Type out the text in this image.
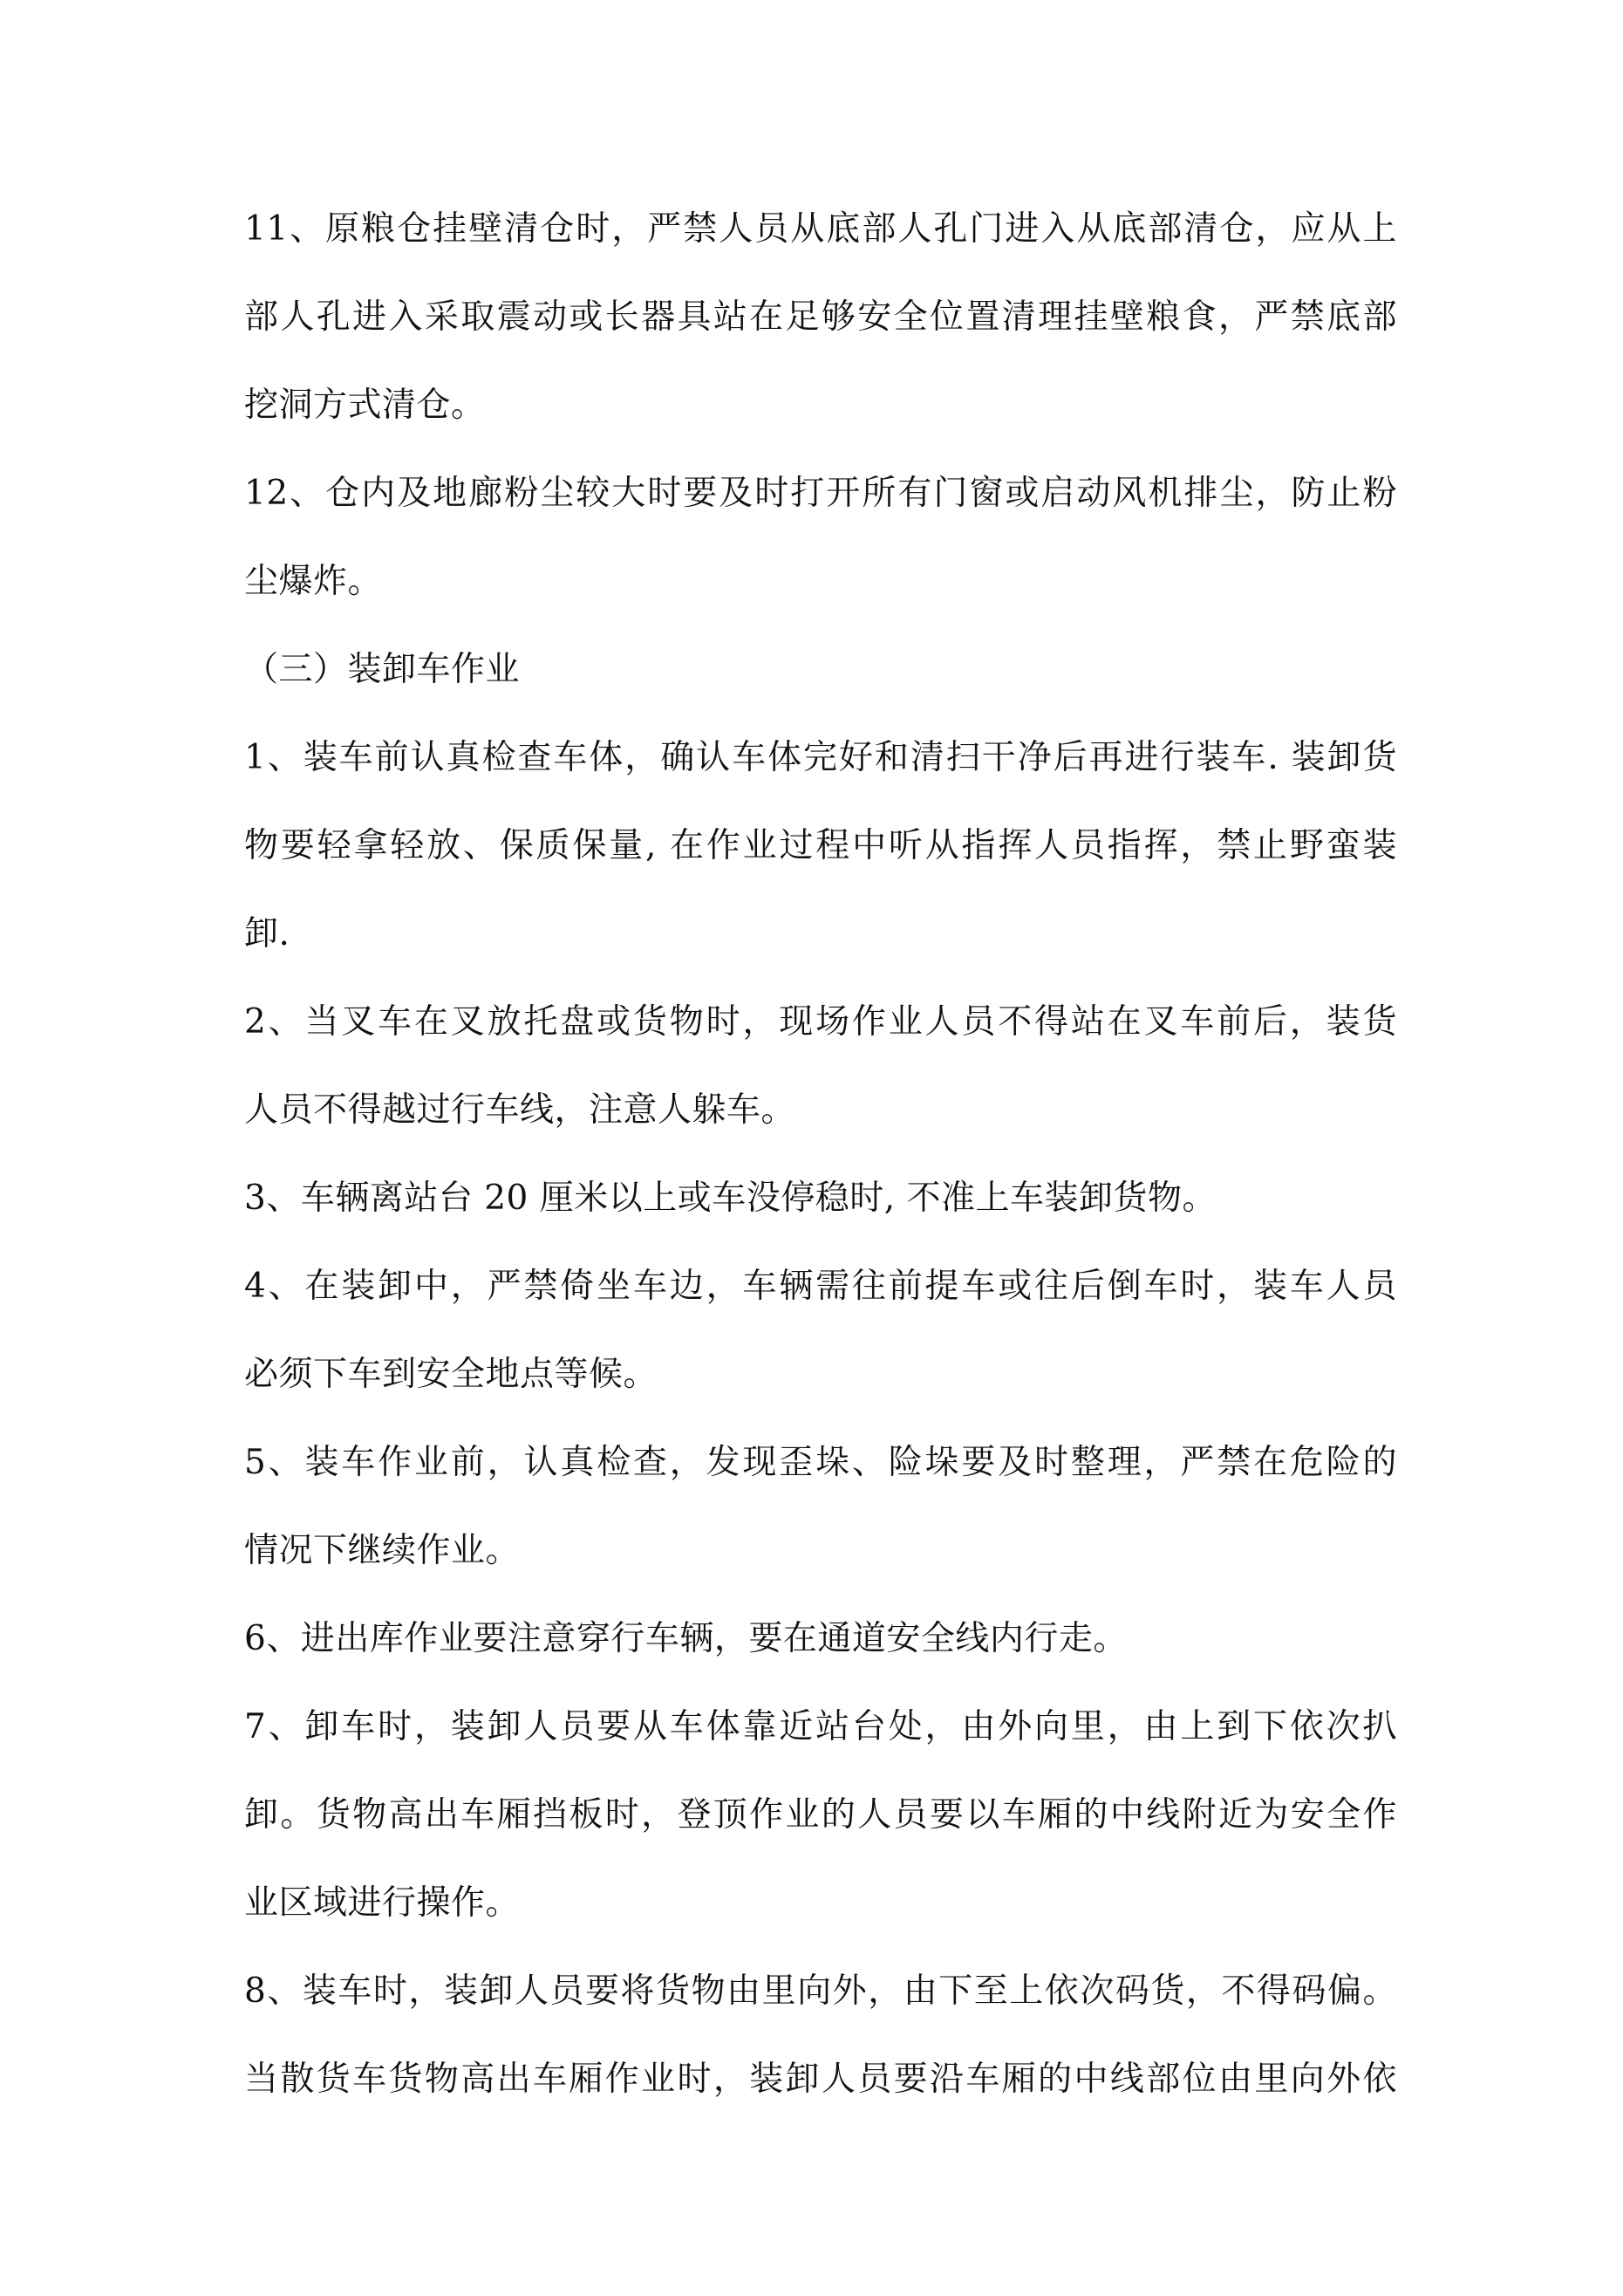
11、原粮仓挂壁清仓时，严禁人员从底部人孔门进入从底部清仓，应从上
部人孔进入采取震动或长器具站在足够安全位置清理挂壁粮食，严禁底部
挖洞方式清仓。

12、仓内及地廊粉尘较大时要及时打开所有门窗或启动风机排尘，防止粉
尘爆炸。

（三）装卸车作业

1、装车前认真检查车体，确认车体完好和清扫干净后再进行装车. 装卸货
物要轻拿轻放、保质保量, 在作业过程中听从指挥人员指挥，禁止野蛮装
卸.

2、当叉车在叉放托盘或货物时，现场作业人员不得站在叉车前后，装货
人员不得越过行车线，注意人躲车。

3、车辆离站台 20 厘米以上或车没停稳时, 不准上车装卸货物。

4、在装卸中，严禁倚坐车边，车辆需往前提车或往后倒车时，装车人员
必须下车到安全地点等候。

5、装车作业前，认真检查，发现歪垛、险垛要及时整理，严禁在危险的
情况下继续作业。

6、进出库作业要注意穿行车辆，要在通道安全线内行走。

7、卸车时，装卸人员要从车体靠近站台处，由外向里，由上到下依次扒
卸。货物高出车厢挡板时，登顶作业的人员要以车厢的中线附近为安全作
业区域进行操作。

8、装车时，装卸人员要将货物由里向外，由下至上依次码货，不得码偏。
当散货车货物高出车厢作业时，装卸人员要沿车厢的中线部位由里向外依
